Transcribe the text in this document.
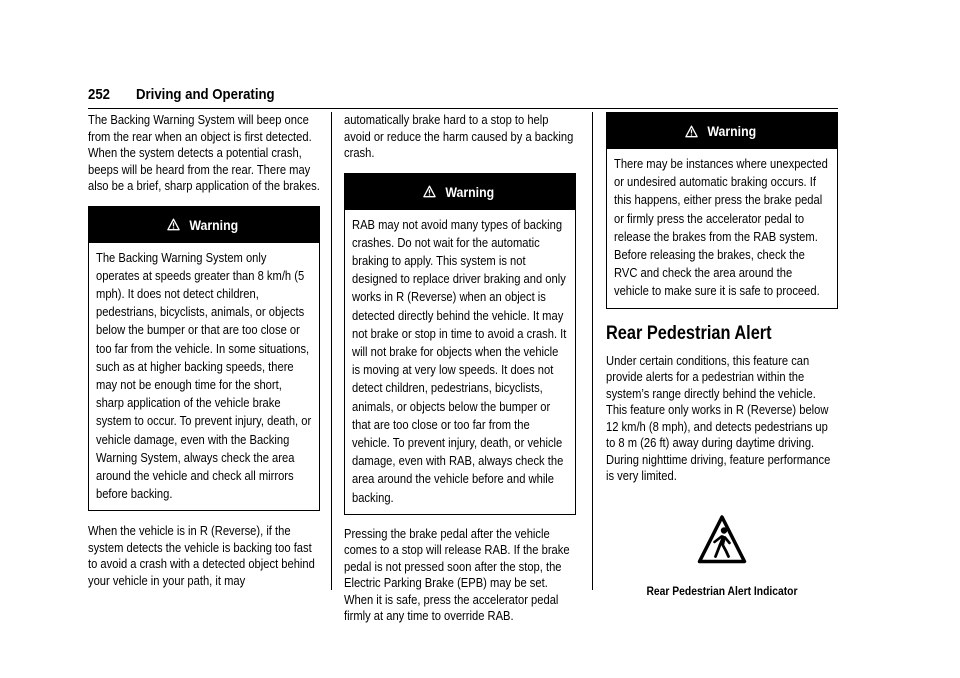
252 Driving and Operating

The Backing Warning System will beep once from the rear when an object is first detected. When the system detects a potential crash, beeps will be heard from the rear. There may also be a brief, sharp application of the brakes.

Warning

The Backing Warning System only operates at speeds greater than 8 km/h (5 mph). It does not detect children, pedestrians, bicyclists, animals, or objects below the bumper or that are too close or too far from the vehicle. In some situations, such as at higher backing speeds, there may not be enough time for the short, sharp application of the vehicle brake system to occur. To prevent injury, death, or vehicle damage, even with the Backing Warning System, always check the area around the vehicle and check all mirrors before backing.

When the vehicle is in R (Reverse), if the system detects the vehicle is backing too fast to avoid a crash with a detected object behind your vehicle in your path, it may

automatically brake hard to a stop to help avoid or reduce the harm caused by a backing crash.

Warning

RAB may not avoid many types of backing crashes. Do not wait for the automatic braking to apply. This system is not designed to replace driver braking and only works in R (Reverse) when an object is detected directly behind the vehicle. It may not brake or stop in time to avoid a crash. It will not brake for objects when the vehicle is moving at very low speeds. It does not detect children, pedestrians, bicyclists, animals, or objects below the bumper or that are too close or too far from the vehicle. To prevent injury, death, or vehicle damage, even with RAB, always check the area around the vehicle before and while backing.

Pressing the brake pedal after the vehicle comes to a stop will release RAB. If the brake pedal is not pressed soon after the stop, the Electric Parking Brake (EPB) may be set. When it is safe, press the accelerator pedal firmly at any time to override RAB.

Warning

There may be instances where unexpected or undesired automatic braking occurs. If this happens, either press the brake pedal or firmly press the accelerator pedal to release the brakes from the RAB system. Before releasing the brakes, check the RVC and check the area around the vehicle to make sure it is safe to proceed.

Rear Pedestrian Alert

Under certain conditions, this feature can provide alerts for a pedestrian within the system’s range directly behind the vehicle. This feature only works in R (Reverse) below 12 km/h (8 mph), and detects pedestrians up to 8 m (26 ft) away during daytime driving. During nighttime driving, feature performance is very limited.

Rear Pedestrian Alert Indicator
